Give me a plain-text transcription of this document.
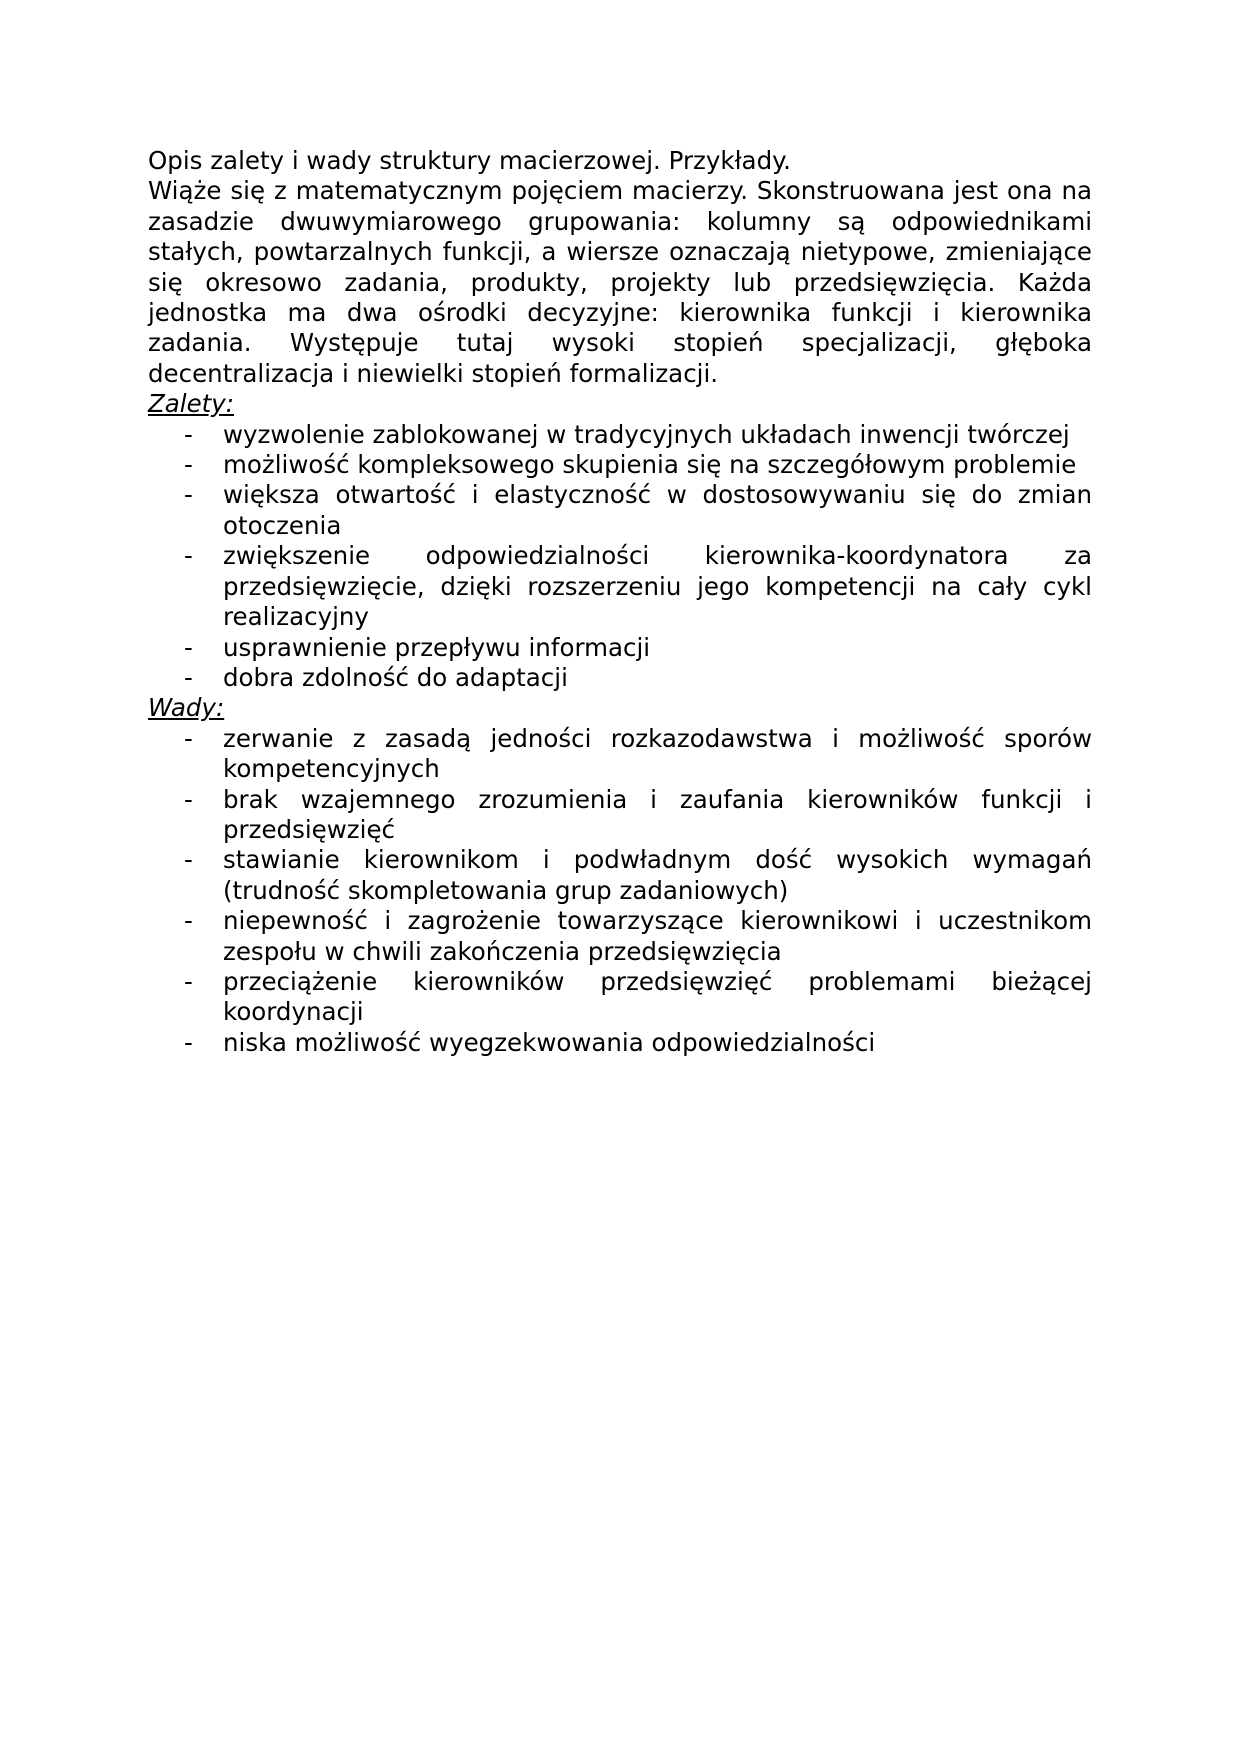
Opis zalety i wady struktury macierzowej. Przykłady.

Wiąże się z matematycznym pojęciem macierzy. Skonstruowana jest ona na zasadzie dwuwymiarowego grupowania: kolumny są odpowiednikami stałych, powtarzalnych funkcji, a wiersze oznaczają nietypowe, zmieniające się okresowo zadania, produkty, projekty lub przedsięwzięcia. Każda jednostka ma dwa ośrodki decyzyjne: kierownika funkcji i kierownika zadania. Występuje tutaj wysoki stopień specjalizacji, głęboka decentralizacja i niewielki stopień formalizacji.

Zalety:
- wyzwolenie zablokowanej w tradycyjnych układach inwencji twórczej
- możliwość kompleksowego skupienia się na szczegółowym problemie
- większa otwartość i elastyczność w dostosowywaniu się do zmian otoczenia
- zwiększenie odpowiedzialności kierownika-koordynatora za przedsięwzięcie, dzięki rozszerzeniu jego kompetencji na cały cykl realizacyjny
- usprawnienie przepływu informacji
- dobra zdolność do adaptacji
Wady:
- zerwanie z zasadą jedności rozkazodawstwa i możliwość sporów kompetencyjnych
- brak wzajemnego zrozumienia i zaufania kierowników funkcji i przedsięwzięć
- stawianie kierownikom i podwładnym dość wysokich wymagań (trudność skompletowania grup zadaniowych)
- niepewność i zagrożenie towarzyszące kierownikowi i uczestnikom zespołu w chwili zakończenia przedsięwzięcia
- przeciążenie kierowników przedsięwzięć problemami bieżącej koordynacji
- niska możliwość wyegzekwowania odpowiedzialności
